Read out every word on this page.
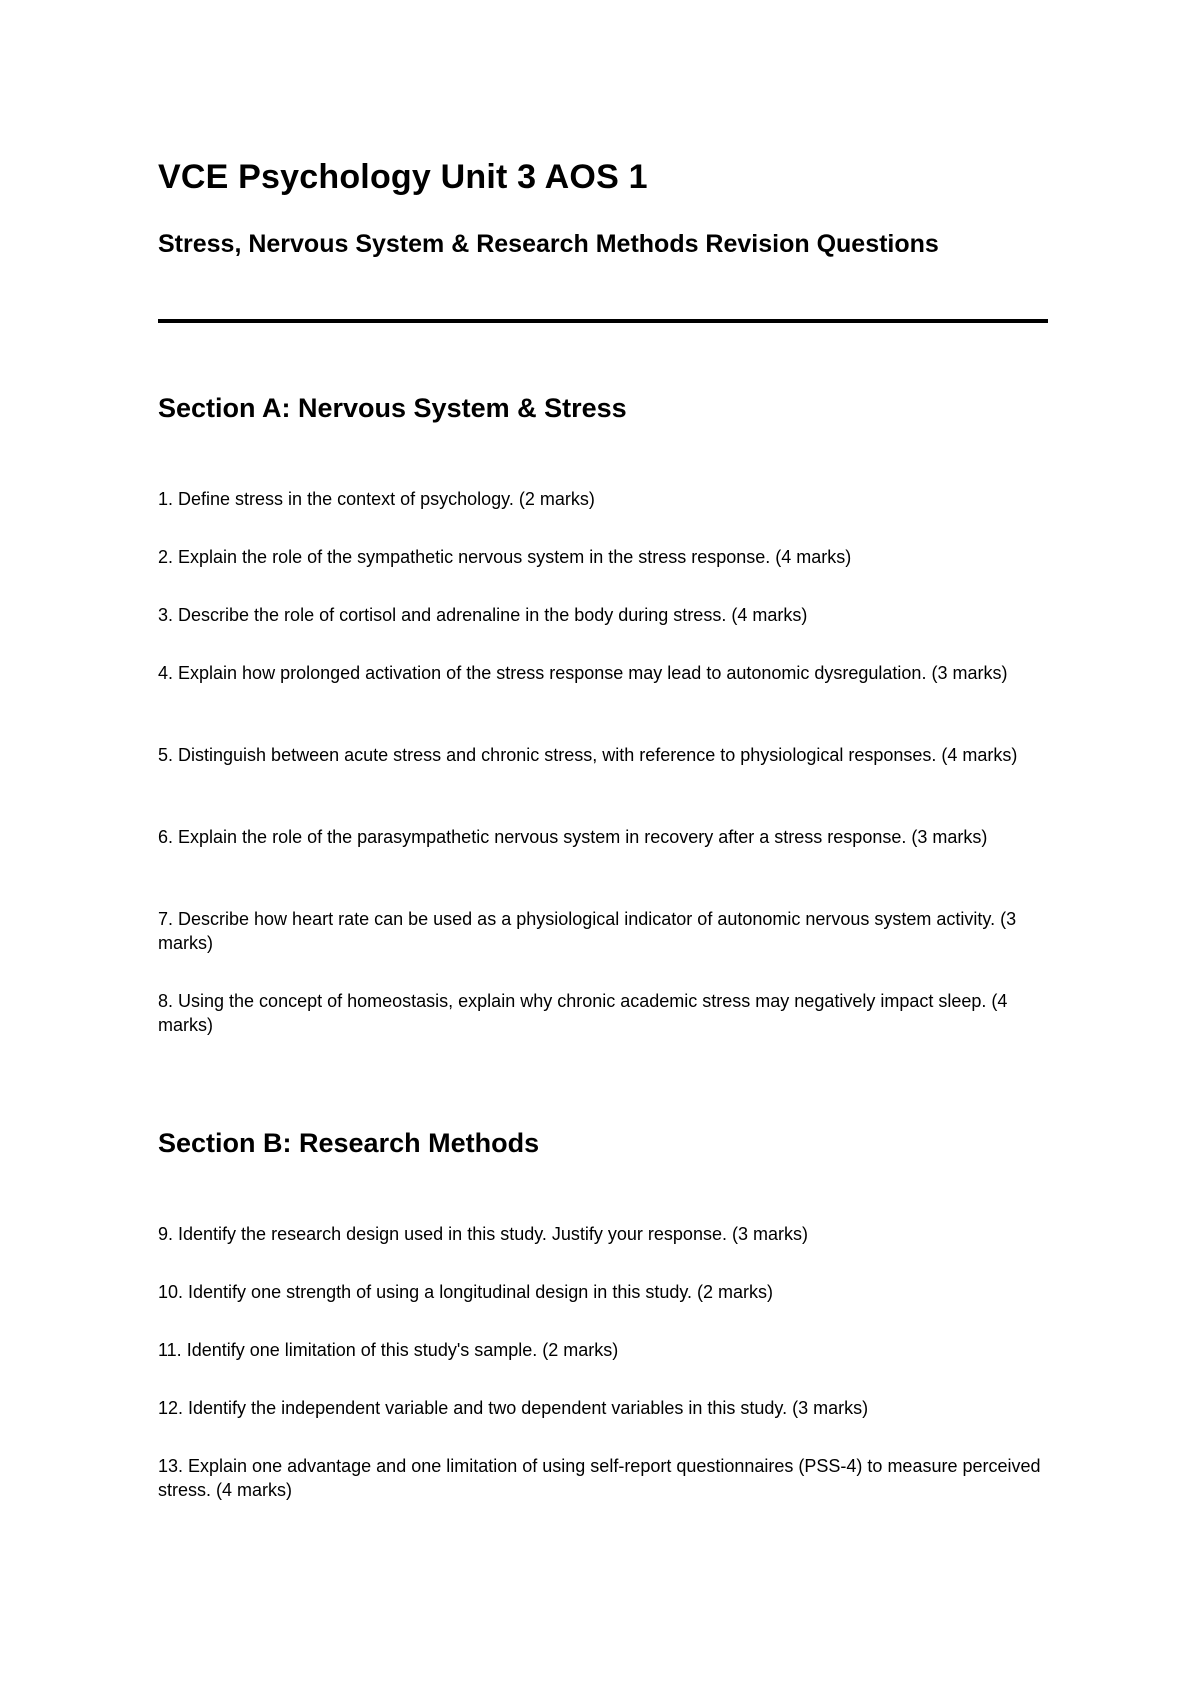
VCE Psychology Unit 3 AOS 1
Stress, Nervous System & Research Methods Revision Questions
Section A: Nervous System & Stress

1. Define stress in the context of psychology. (2 marks)

2. Explain the role of the sympathetic nervous system in the stress response. (4 marks)

3. Describe the role of cortisol and adrenaline in the body during stress. (4 marks)

4. Explain how prolonged activation of the stress response may lead to autonomic dysregulation. (3 marks)

5. Distinguish between acute stress and chronic stress, with reference to physiological responses. (4 marks)

6. Explain the role of the parasympathetic nervous system in recovery after a stress response. (3 marks)

7. Describe how heart rate can be used as a physiological indicator of autonomic nervous system activity. (3 marks)

8. Using the concept of homeostasis, explain why chronic academic stress may negatively impact sleep. (4 marks)

Section B: Research Methods

9. Identify the research design used in this study. Justify your response. (3 marks)

10. Identify one strength of using a longitudinal design in this study. (2 marks)

11. Identify one limitation of this study's sample. (2 marks)

12. Identify the independent variable and two dependent variables in this study. (3 marks)

13. Explain one advantage and one limitation of using self-report questionnaires (PSS-4) to measure perceived stress. (4 marks)
